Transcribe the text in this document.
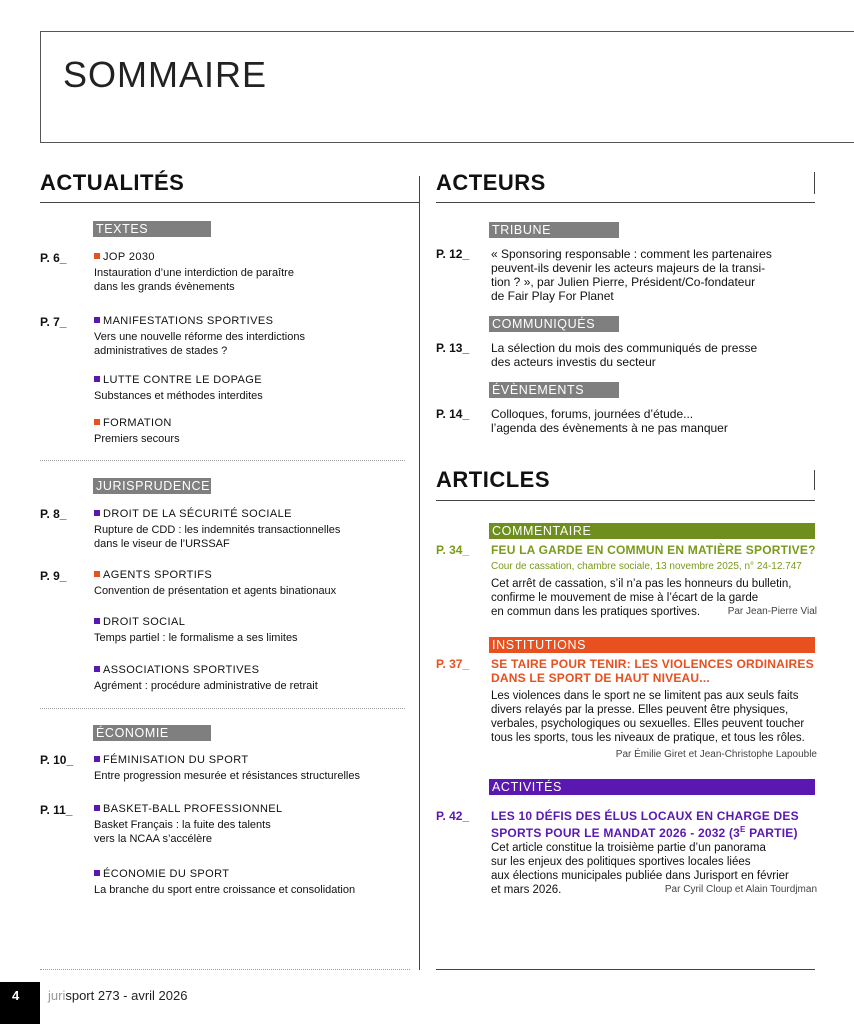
SOMMAIRE
ACTUALITÉS
TEXTES
P. 6_	JOP 2030
Instauration d’une interdiction de paraître
dans les grands évènements
P. 7_	MANIFESTATIONS SPORTIVES
Vers une nouvelle réforme des interdictions
administratives de stades ?
LUTTE CONTRE LE DOPAGE
Substances et méthodes interdites
FORMATION
Premiers secours
JURISPRUDENCE
P. 8_	DROIT DE LA SÉCURITÉ SOCIALE
Rupture de CDD : les indemnités transactionnelles
dans le viseur de l’URSSAF
P. 9_	AGENTS SPORTIFS
Convention de présentation et agents binationaux
DROIT SOCIAL
Temps partiel : le formalisme a ses limites
ASSOCIATIONS SPORTIVES
Agrément : procédure administrative de retrait
ÉCONOMIE
P. 10_	FÉMINISATION DU SPORT
Entre progression mesurée et résistances structurelles
P. 11_	BASKET-BALL PROFESSIONNEL
Basket Français : la fuite des talents
vers la NCAA s’accélère
ÉCONOMIE DU SPORT
La branche du sport entre croissance et consolidation
ACTEURS
TRIBUNE
P. 12_ « Sponsoring responsable : comment les partenaires
peuvent-ils devenir les acteurs majeurs de la transi-
tion ? », par Julien Pierre, Président/Co-fondateur
de Fair Play For Planet
COMMUNIQUÉS
P. 13_ La sélection du mois des communiqués de presse
des acteurs investis du secteur
ÉVÈNEMENTS
P. 14_ Colloques, forums, journées d’étude...
l’agenda des évènements à ne pas manquer
ARTICLES
COMMENTAIRE
P. 34_ FEU LA GARDE EN COMMUN EN MATIÈRE SPORTIVE?
Cour de cassation, chambre sociale, 13 novembre 2025, n° 24-12.747
Cet arrêt de cassation, s’il n’a pas les honneurs du bulletin,
confirme le mouvement de mise à l’écart de la garde
en commun dans les pratiques sportives.	Par Jean-Pierre Vial
INSTITUTIONS
P. 37_ SE TAIRE POUR TENIR: LES VIOLENCES ORDINAIRES
DANS LE SPORT DE HAUT NIVEAU...
Les violences dans le sport ne se limitent pas aux seuls faits
divers relayés par la presse. Elles peuvent être physiques,
verbales, psychologiques ou sexuelles. Elles peuvent toucher
tous les sports, tous les niveaux de pratique, et tous les rôles.
Par Émilie Giret et Jean-Christophe Lapouble
ACTIVITÉS
P. 42_ LES 10 DÉFIS DES ÉLUS LOCAUX EN CHARGE DES
SPORTS POUR LE MANDAT 2026 - 2032 ($3^E$ PARTIE)
Cet article constitue la troisième partie d’un panorama
sur les enjeux des politiques sportives locales liées
aux élections municipales publiée dans Jurisport en février
et mars 2026.	Par Cyril Cloup et Alain Tourdjman
4	jurisport 273 - avril 2026
